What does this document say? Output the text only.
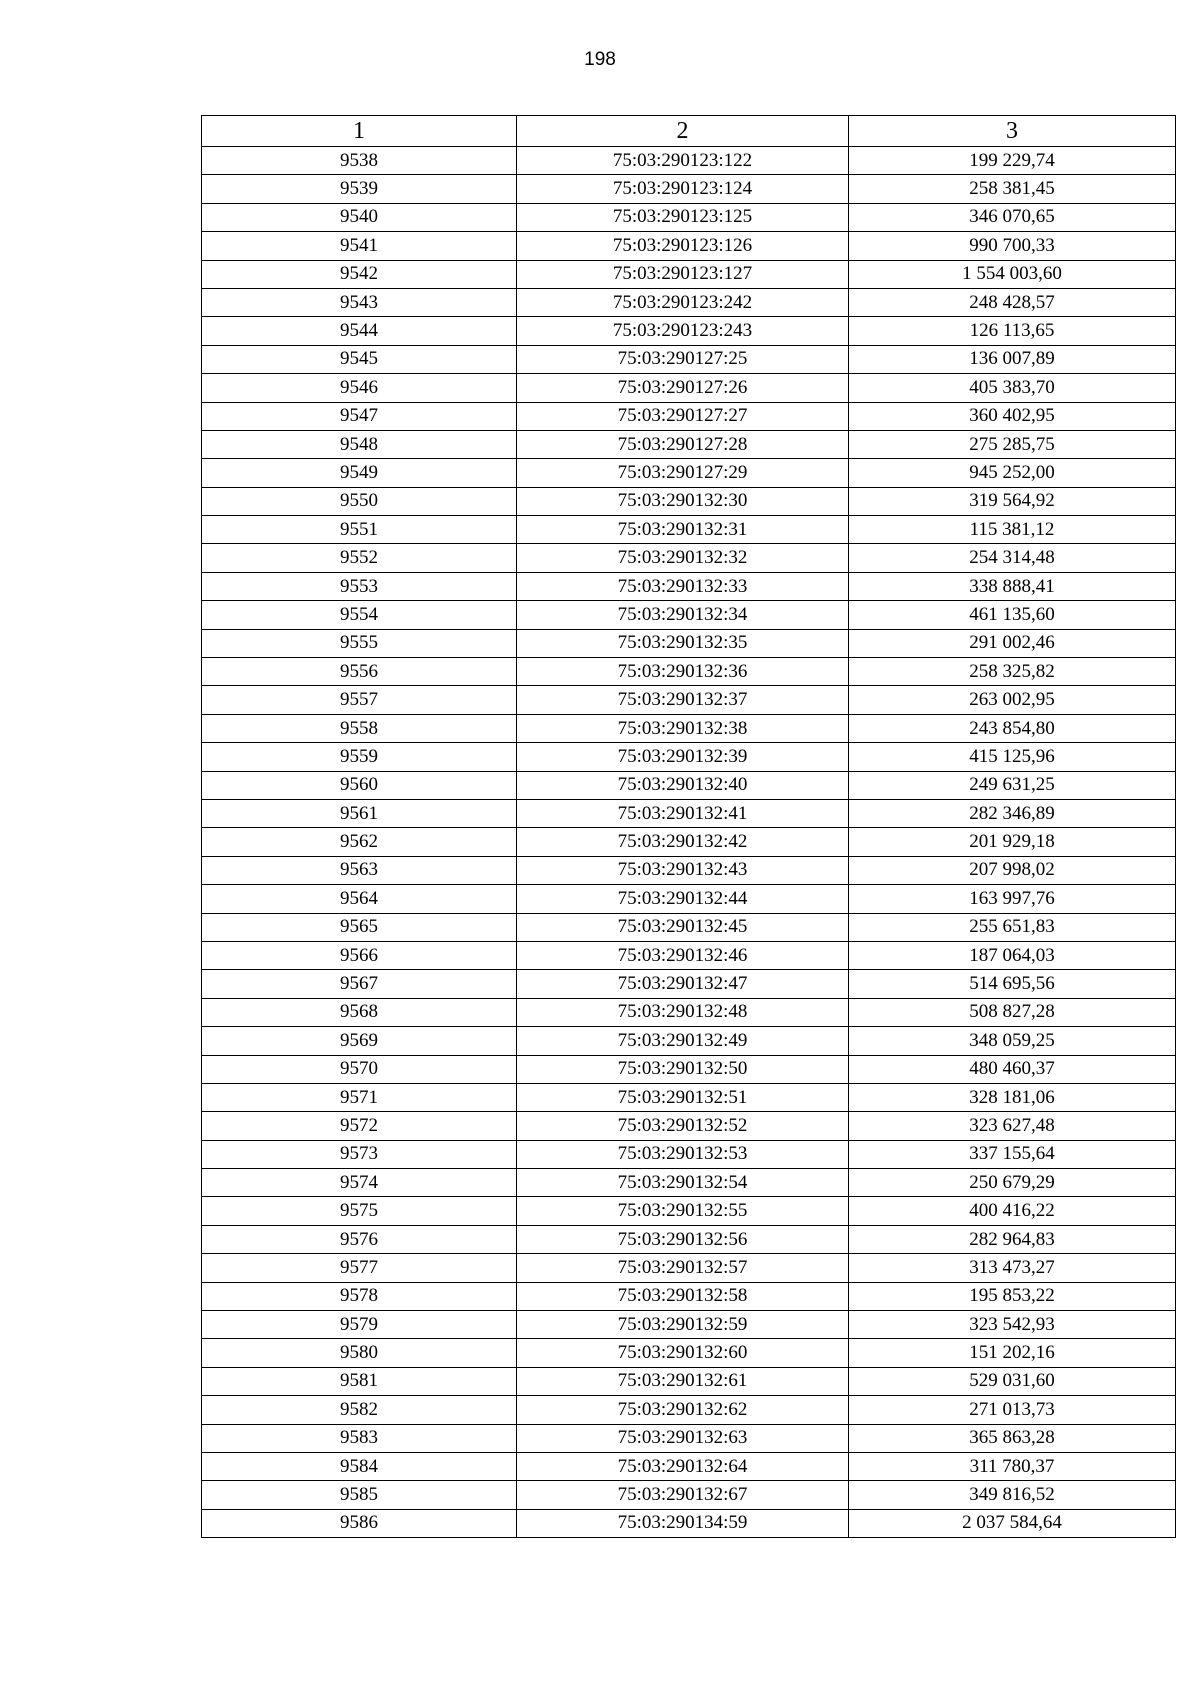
198
1	2	3
9538	75:03:290123:122	199 229,74
9539	75:03:290123:124	258 381,45
9540	75:03:290123:125	346 070,65
9541	75:03:290123:126	990 700,33
9542	75:03:290123:127	1 554 003,60
9543	75:03:290123:242	248 428,57
9544	75:03:290123:243	126 113,65
9545	75:03:290127:25	136 007,89
9546	75:03:290127:26	405 383,70
9547	75:03:290127:27	360 402,95
9548	75:03:290127:28	275 285,75
9549	75:03:290127:29	945 252,00
9550	75:03:290132:30	319 564,92
9551	75:03:290132:31	115 381,12
9552	75:03:290132:32	254 314,48
9553	75:03:290132:33	338 888,41
9554	75:03:290132:34	461 135,60
9555	75:03:290132:35	291 002,46
9556	75:03:290132:36	258 325,82
9557	75:03:290132:37	263 002,95
9558	75:03:290132:38	243 854,80
9559	75:03:290132:39	415 125,96
9560	75:03:290132:40	249 631,25
9561	75:03:290132:41	282 346,89
9562	75:03:290132:42	201 929,18
9563	75:03:290132:43	207 998,02
9564	75:03:290132:44	163 997,76
9565	75:03:290132:45	255 651,83
9566	75:03:290132:46	187 064,03
9567	75:03:290132:47	514 695,56
9568	75:03:290132:48	508 827,28
9569	75:03:290132:49	348 059,25
9570	75:03:290132:50	480 460,37
9571	75:03:290132:51	328 181,06
9572	75:03:290132:52	323 627,48
9573	75:03:290132:53	337 155,64
9574	75:03:290132:54	250 679,29
9575	75:03:290132:55	400 416,22
9576	75:03:290132:56	282 964,83
9577	75:03:290132:57	313 473,27
9578	75:03:290132:58	195 853,22
9579	75:03:290132:59	323 542,93
9580	75:03:290132:60	151 202,16
9581	75:03:290132:61	529 031,60
9582	75:03:290132:62	271 013,73
9583	75:03:290132:63	365 863,28
9584	75:03:290132:64	311 780,37
9585	75:03:290132:67	349 816,52
9586	75:03:290134:59	2 037 584,64
